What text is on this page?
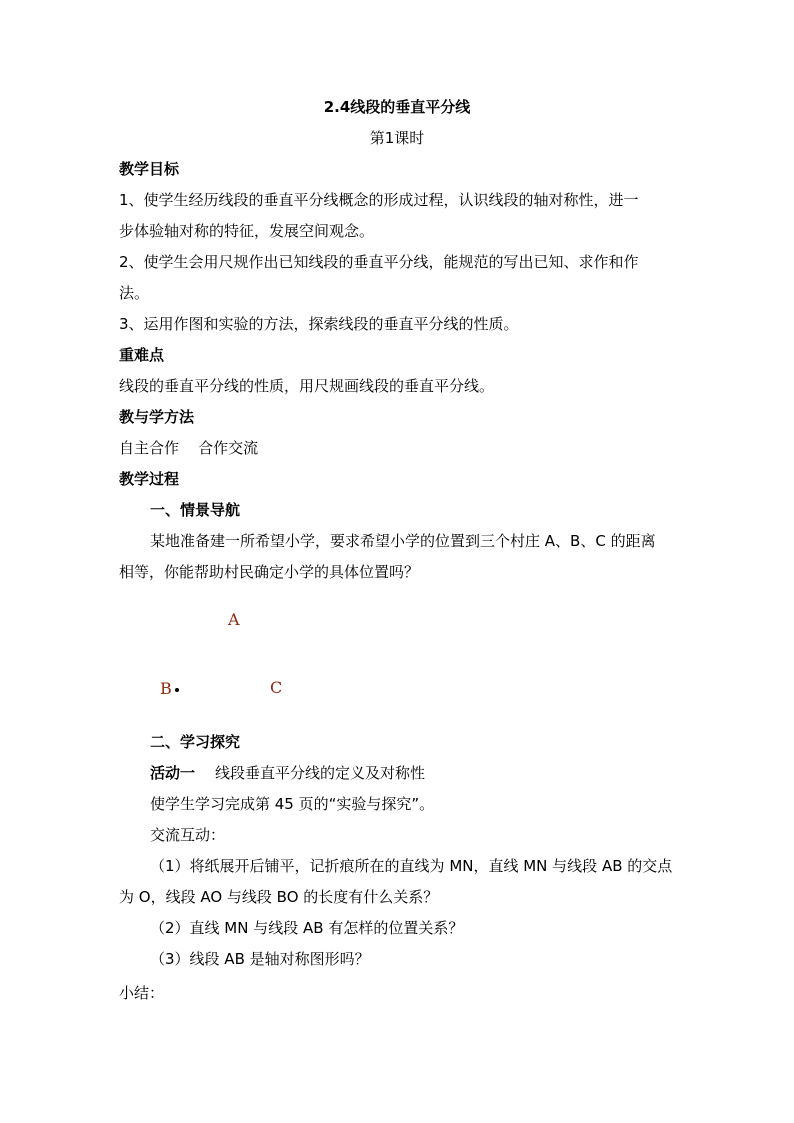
2.4线段的垂直平分线
第1课时
教学目标
1、使学生经历线段的垂直平分线概念的形成过程，认识线段的轴对称性，进一
步体验轴对称的特征，发展空间观念。
2、使学生会用尺规作出已知线段的垂直平分线，能规范的写出已知、求作和作
法。
3、运用作图和实验的方法，探索线段的垂直平分线的性质。
重难点
线段的垂直平分线的性质，用尺规画线段的垂直平分线。
教与学方法
自主合作    合作交流
教学过程
一、情景导航
某地准备建一所希望小学，要求希望小学的位置到三个村庄 A、B、C 的距离
相等，你能帮助村民确定小学的具体位置吗？
A
B	C
二、学习探究
活动一 线段垂直平分线的定义及对称性
使学生学习完成第 45 页的“实验与探究”。
交流互动：
（1）将纸展开后铺平，记折痕所在的直线为 MN，直线 MN 与线段 AB 的交点
为 O，线段 AO 与线段 BO 的长度有什么关系？
（2）直线 MN 与线段 AB 有怎样的位置关系？
（3）线段 AB 是轴对称图形吗？
小结：
